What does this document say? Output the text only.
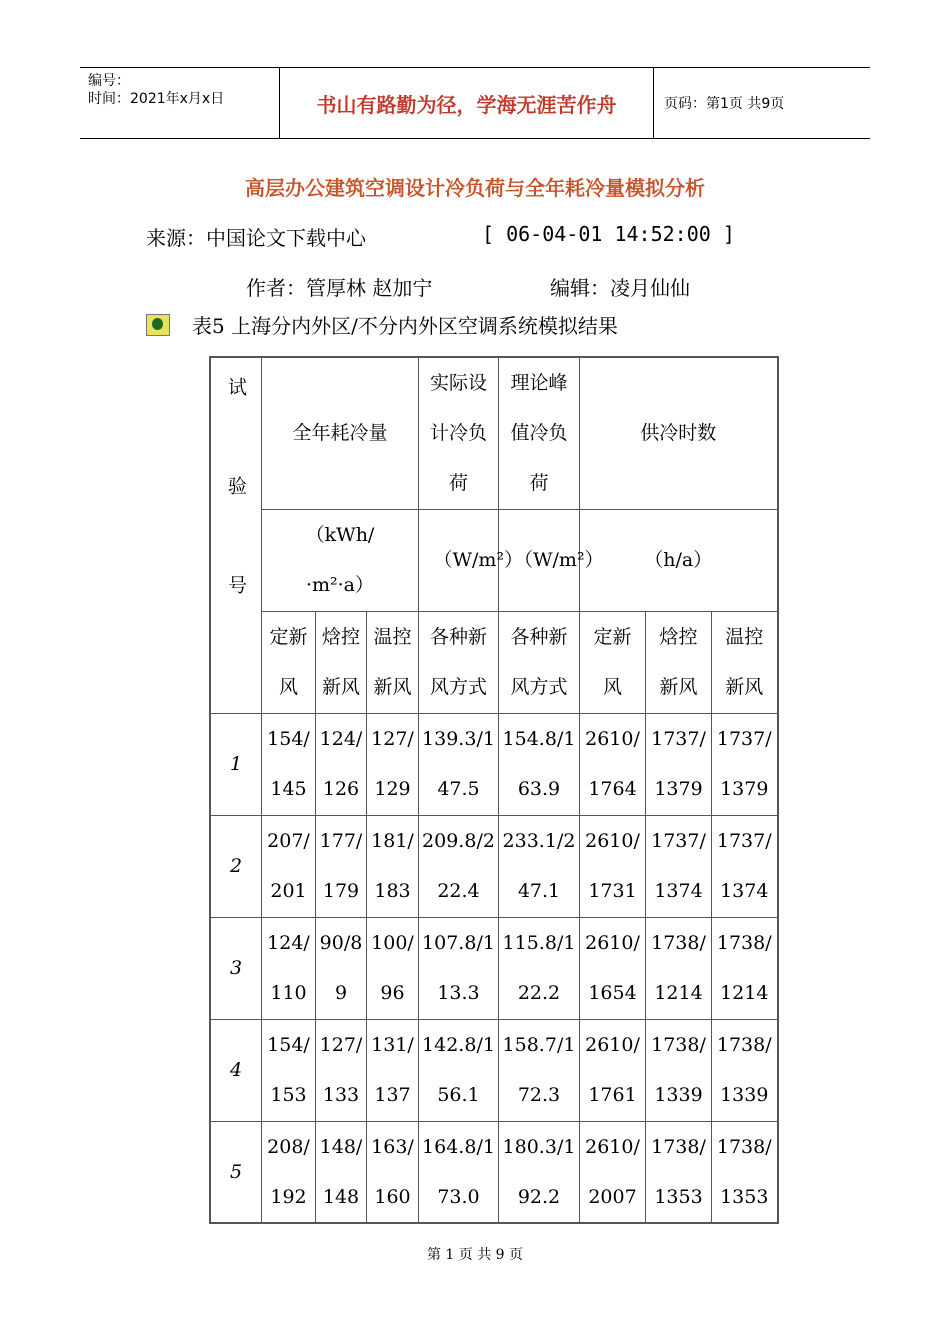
编号：
时间：2021年x月x日	书山有路勤为径，学海无涯苦作舟	页码：第1页 共9页
高层办公建筑空调设计冷负荷与全年耗冷量模拟分析
来源：中国论文下载中心	[ 06-04-01 14:52:00 ]
作者：管厚林 赵加宁	编辑：凌月仙仙
表5 上海分内外区/不分内外区空调系统模拟结果
试验号	全年耗冷量			实际设计冷负荷	理论峰值冷负荷	供冷时数		

	（kWh/·m²·a）			（W/m²）	（W/m²）	（h/a）		

	定新风	焓控新风	温控新风	各种新风方式	各种新风方式	定新风	焓控新风	温控新风

1	154/145	124/126	127/129	139.3/147.5	154.8/163.9	2610/1764	1737/1379	1737/1379

2	207/201	177/179	181/183	209.8/222.4	233.1/247.1	2610/1731	1737/1374	1737/1374

3	124/110	90/89	100/96	107.8/113.3	115.8/122.2	2610/1654	1738/1214	1738/1214

4	154/153	127/133	131/137	142.8/156.1	158.7/172.3	2610/1761	1738/1339	1738/1339

5	208/192	148/148	163/160	164.8/173.0	180.3/192.2	2610/2007	1738/1353	1738/1353
第 1 页 共 9 页
